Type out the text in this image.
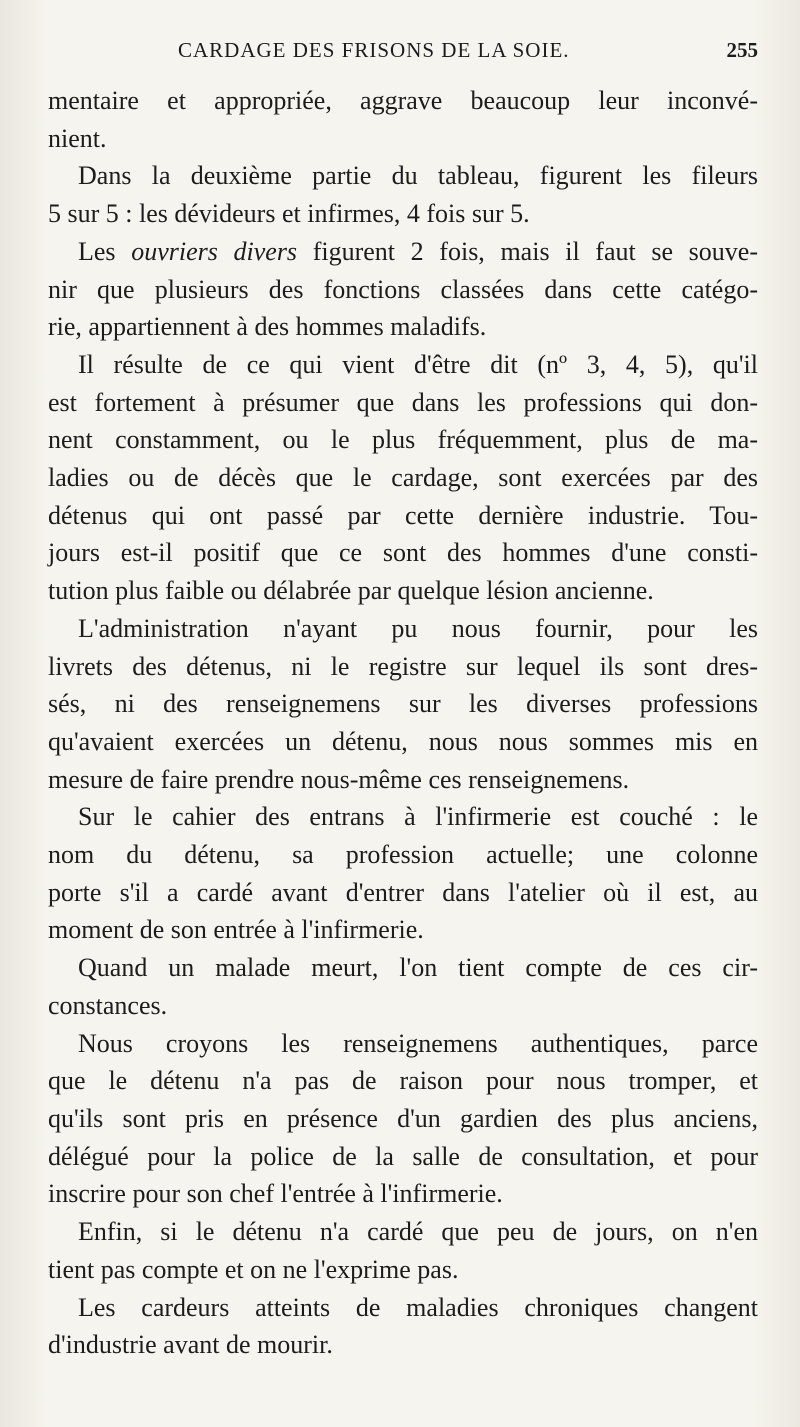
CARDAGE DES FRISONS DE LA SOIE.	255

mentaire et appropriée, aggrave beaucoup leur inconvé-
nient.

Dans la deuxième partie du tableau, figurent les fileurs

5 sur 5 : les dévideurs et infirmes, 4 fois sur 5.

Les ouvriers divers figurent 2 fois, mais il faut se souve-

nir que plusieurs des fonctions classées dans cette catégo-
rie, appartiennent à des hommes maladifs.

Il résulte de ce qui vient d'être dit (nº 3, 4, 5), qu'il

est fortement à présumer que dans les professions qui don-
nent constamment, ou le plus fréquemment, plus de ma-
ladies ou de décès que le cardage, sont exercées par des
détenus qui ont passé par cette dernière industrie. Tou-
jours est-il positif que ce sont des hommes d'une consti-
tution plus faible ou délabrée par quelque lésion ancienne.

L'administration n'ayant pu nous fournir, pour les

livrets des détenus, ni le registre sur lequel ils sont dres-
sés, ni des renseignemens sur les diverses professions
qu'avaient exercées un détenu, nous nous sommes mis en
mesure de faire prendre nous-même ces renseignemens.

Sur le cahier des entrans à l'infirmerie est couché : le

nom du détenu, sa profession actuelle; une colonne
porte s'il a cardé avant d'entrer dans l'atelier où il est, au
moment de son entrée à l'infirmerie.

Quand un malade meurt, l'on tient compte de ces cir-

constances.

Nous croyons les renseignemens authentiques, parce

que le détenu n'a pas de raison pour nous tromper, et
qu'ils sont pris en présence d'un gardien des plus anciens,
délégué pour la police de la salle de consultation, et pour
inscrire pour son chef l'entrée à l'infirmerie.

Enfin, si le détenu n'a cardé que peu de jours, on n'en

tient pas compte et on ne l'exprime pas.

Les cardeurs atteints de maladies chroniques changent

d'industrie avant de mourir.
